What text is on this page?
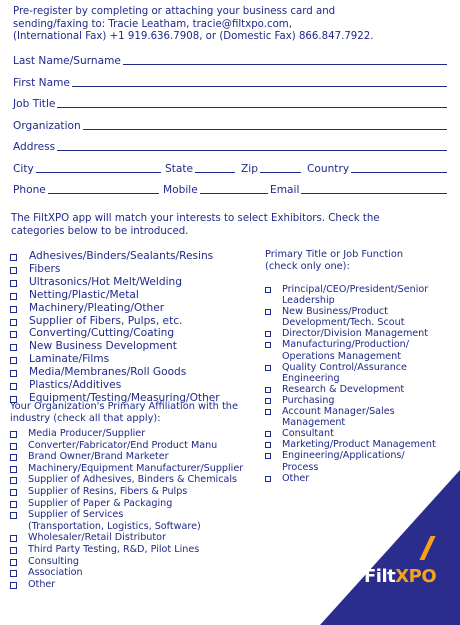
Pre-register by completing or attaching your business card and
sending/faxing to: Tracie Leatham, tracie@filtxpo.com,
(International Fax) +1 919.636.7908, or (Domestic Fax) 866.847.7922.

Last Name/Surname
First Name
Job Title
Organization
Address
City	State	Zip	Country
Phone	Mobile	Email

The FiltXPO app will match your interests to select Exhibitors. Check the
categories below to be introduced.

Adhesives/Binders/Sealants/Resins
Fibers
Ultrasonics/Hot Melt/Welding
Netting/Plastic/Metal
Machinery/Pleating/Other
Supplier of Fibers, Pulps, etc.
Converting/Cutting/Coating
New Business Development
Laminate/Films
Media/Membranes/Roll Goods
Plastics/Additives
Equipment/Testing/Measuring/Other

Primary Title or Job Function
(check only one):

Principal/CEO/President/Senior
Leadership
New Business/Product
Development/Tech. Scout
Director/Division Management
Manufacturing/Production/
Operations Management
Quality Control/Assurance
Engineering
Research & Development
Purchasing
Account Manager/Sales
Management
Consultant
Marketing/Product Management
Engineering/Applications/
Process
Other

Your Organization's Primary Affiliation with the
industry (check all that apply):

Media Producer/Supplier
Converter/Fabricator/End Product Manu
Brand Owner/Brand Marketer
Machinery/Equipment Manufacturer/Supplier
Supplier of Adhesives, Binders & Chemicals
Supplier of Resins, Fibers & Pulps
Supplier of Paper & Packaging
Supplier of Services
(Transportation, Logistics, Software)
Wholesaler/Retail Distributor
Third Party Testing, R&D, Pilot Lines
Consulting
Association
Other	FiltXPO
